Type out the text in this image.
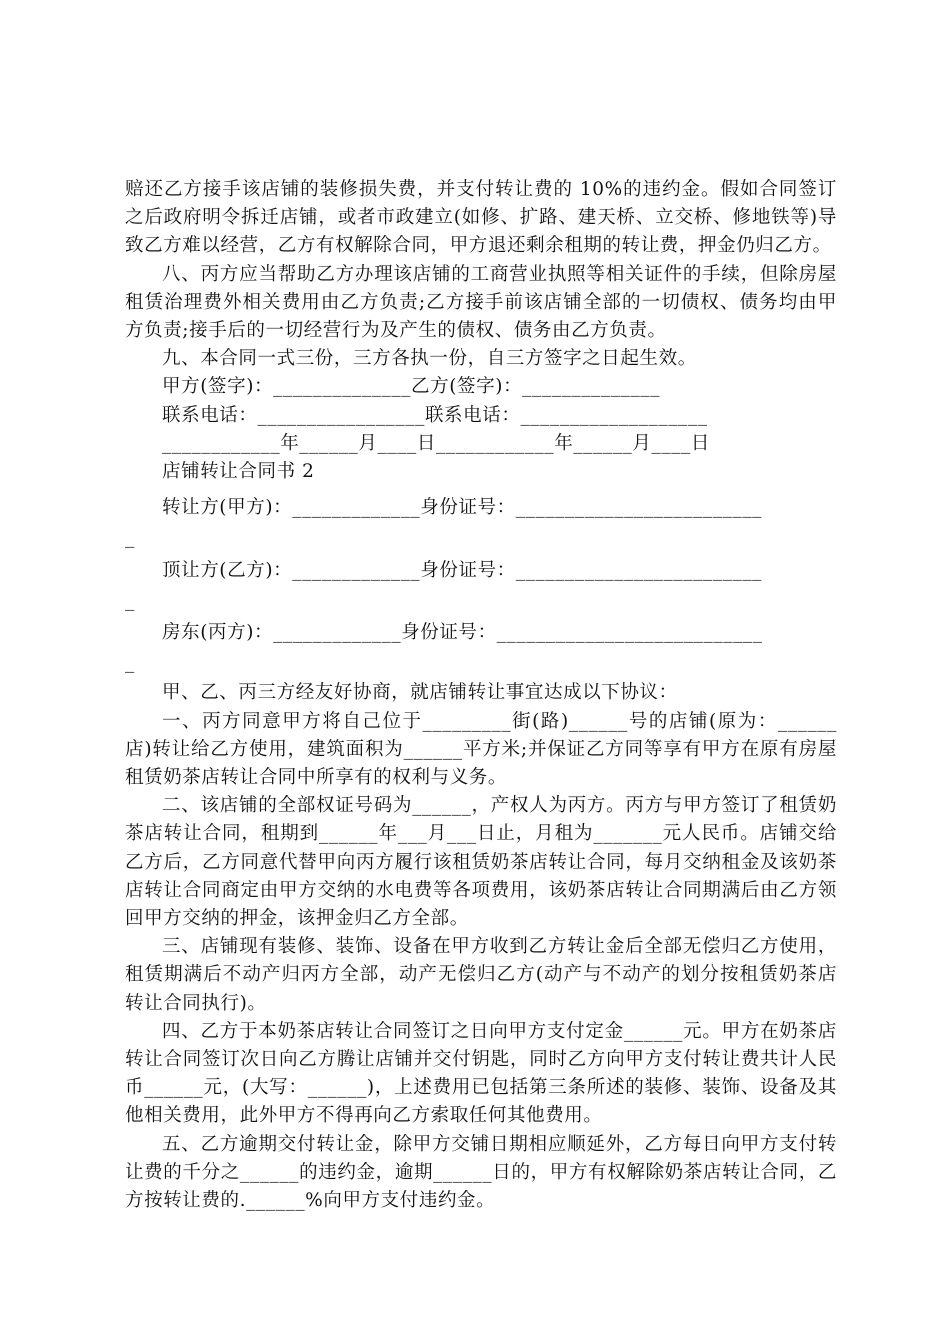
赔还乙方接手该店铺的装修损失费，并支付转让费的 10%的违约金。假如合同签订之后政府明令拆迁店铺，或者市政建立(如修、扩路、建天桥、立交桥、修地铁等)导致乙方难以经营，乙方有权解除合同，甲方退还剩余租期的转让费，押金仍归乙方。

八、丙方应当帮助乙方办理该店铺的工商营业执照等相关证件的手续，但除房屋租赁治理费外相关费用由乙方负责;乙方接手前该店铺全部的一切债权、债务均由甲方负责;接手后的一切经营行为及产生的债权、债务由乙方负责。

九、本合同一式三份，三方各执一份，自三方签字之日起生效。

甲方(签字)：______________乙方(签字)：______________

联系电话：_________________联系电话：___________________

____________年______月____日____________年______月____日

店铺转让合同书 2

转让方(甲方)：_____________身份证号：_________________________

_

顶让方(乙方)：_____________身份证号：_________________________

_

房东(丙方)：_____________身份证号：___________________________

_

甲、乙、丙三方经友好协商，就店铺转让事宜达成以下协议：

一、丙方同意甲方将自己位于_________街(路)______号的店铺(原为：______店)转让给乙方使用，建筑面积为______平方米;并保证乙方同等享有甲方在原有房屋租赁奶茶店转让合同中所享有的权利与义务。

二、该店铺的全部权证号码为______，产权人为丙方。丙方与甲方签订了租赁奶茶店转让合同，租期到______年___月___日止，月租为_______元人民币。店铺交给乙方后，乙方同意代替甲向丙方履行该租赁奶茶店转让合同，每月交纳租金及该奶茶店转让合同商定由甲方交纳的水电费等各项费用，该奶茶店转让合同期满后由乙方领回甲方交纳的押金，该押金归乙方全部。

三、店铺现有装修、装饰、设备在甲方收到乙方转让金后全部无偿归乙方使用，租赁期满后不动产归丙方全部，动产无偿归乙方(动产与不动产的划分按租赁奶茶店转让合同执行)。

四、乙方于本奶茶店转让合同签订之日向甲方支付定金______元。甲方在奶茶店转让合同签订次日向乙方腾让店铺并交付钥匙，同时乙方向甲方支付转让费共计人民币______元，(大写：______)，上述费用已包括第三条所述的装修、装饰、设备及其他相关费用，此外甲方不得再向乙方索取任何其他费用。

五、乙方逾期交付转让金，除甲方交铺日期相应顺延外，乙方每日向甲方支付转让费的千分之______的违约金，逾期______日的，甲方有权解除奶茶店转让合同，乙方按转让费的.______%向甲方支付违约金。
